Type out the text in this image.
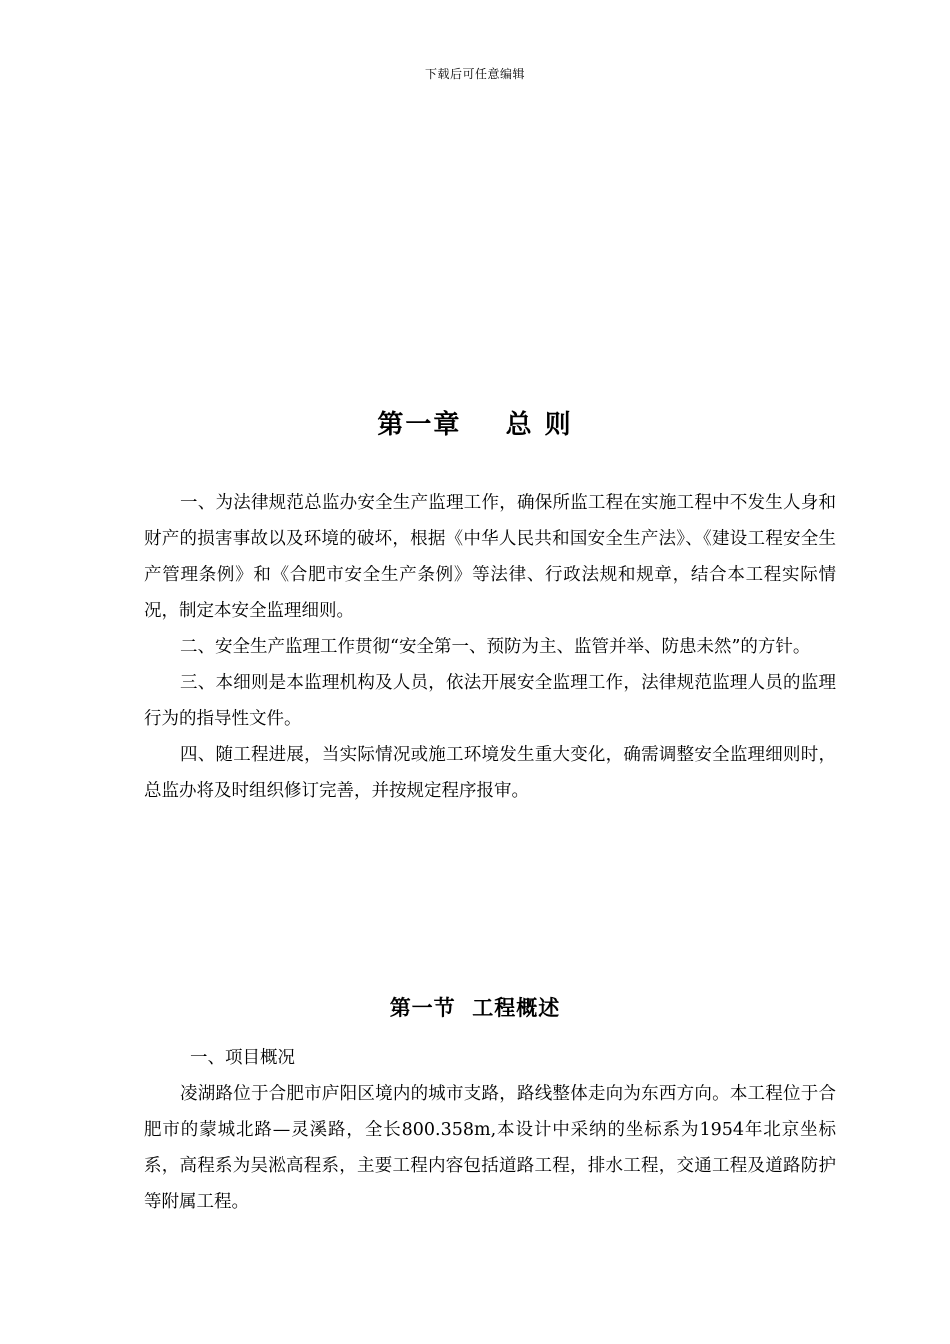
下载后可任意编辑
第一章    总 则

一、为法律规范总监办安全生产监理工作，确保所监工程在实施工程中不发生人身和财产的损害事故以及环境的破坏，根据《中华人民共和国安全生产法》、《建设工程安全生产管理条例》和《合肥市安全生产条例》等法律、行政法规和规章，结合本工程实际情况，制定本安全监理细则。

二、安全生产监理工作贯彻“安全第一、预防为主、监管并举、防患未然”的方针。

三、本细则是本监理机构及人员，依法开展安全监理工作，法律规范监理人员的监理行为的指导性文件。

四、随工程进展，当实际情况或施工环境发生重大变化，确需调整安全监理细则时，总监办将及时组织修订完善，并按规定程序报审。

第一节  工程概述

一、项目概况

凌湖路位于合肥市庐阳区境内的城市支路，路线整体走向为东西方向。本工程位于合肥市的蒙城北路—灵溪路，全长800.358m,本设计中采纳的坐标系为1954年北京坐标系，高程系为吴淞高程系，主要工程内容包括道路工程，排水工程，交通工程及道路防护等附属工程。
